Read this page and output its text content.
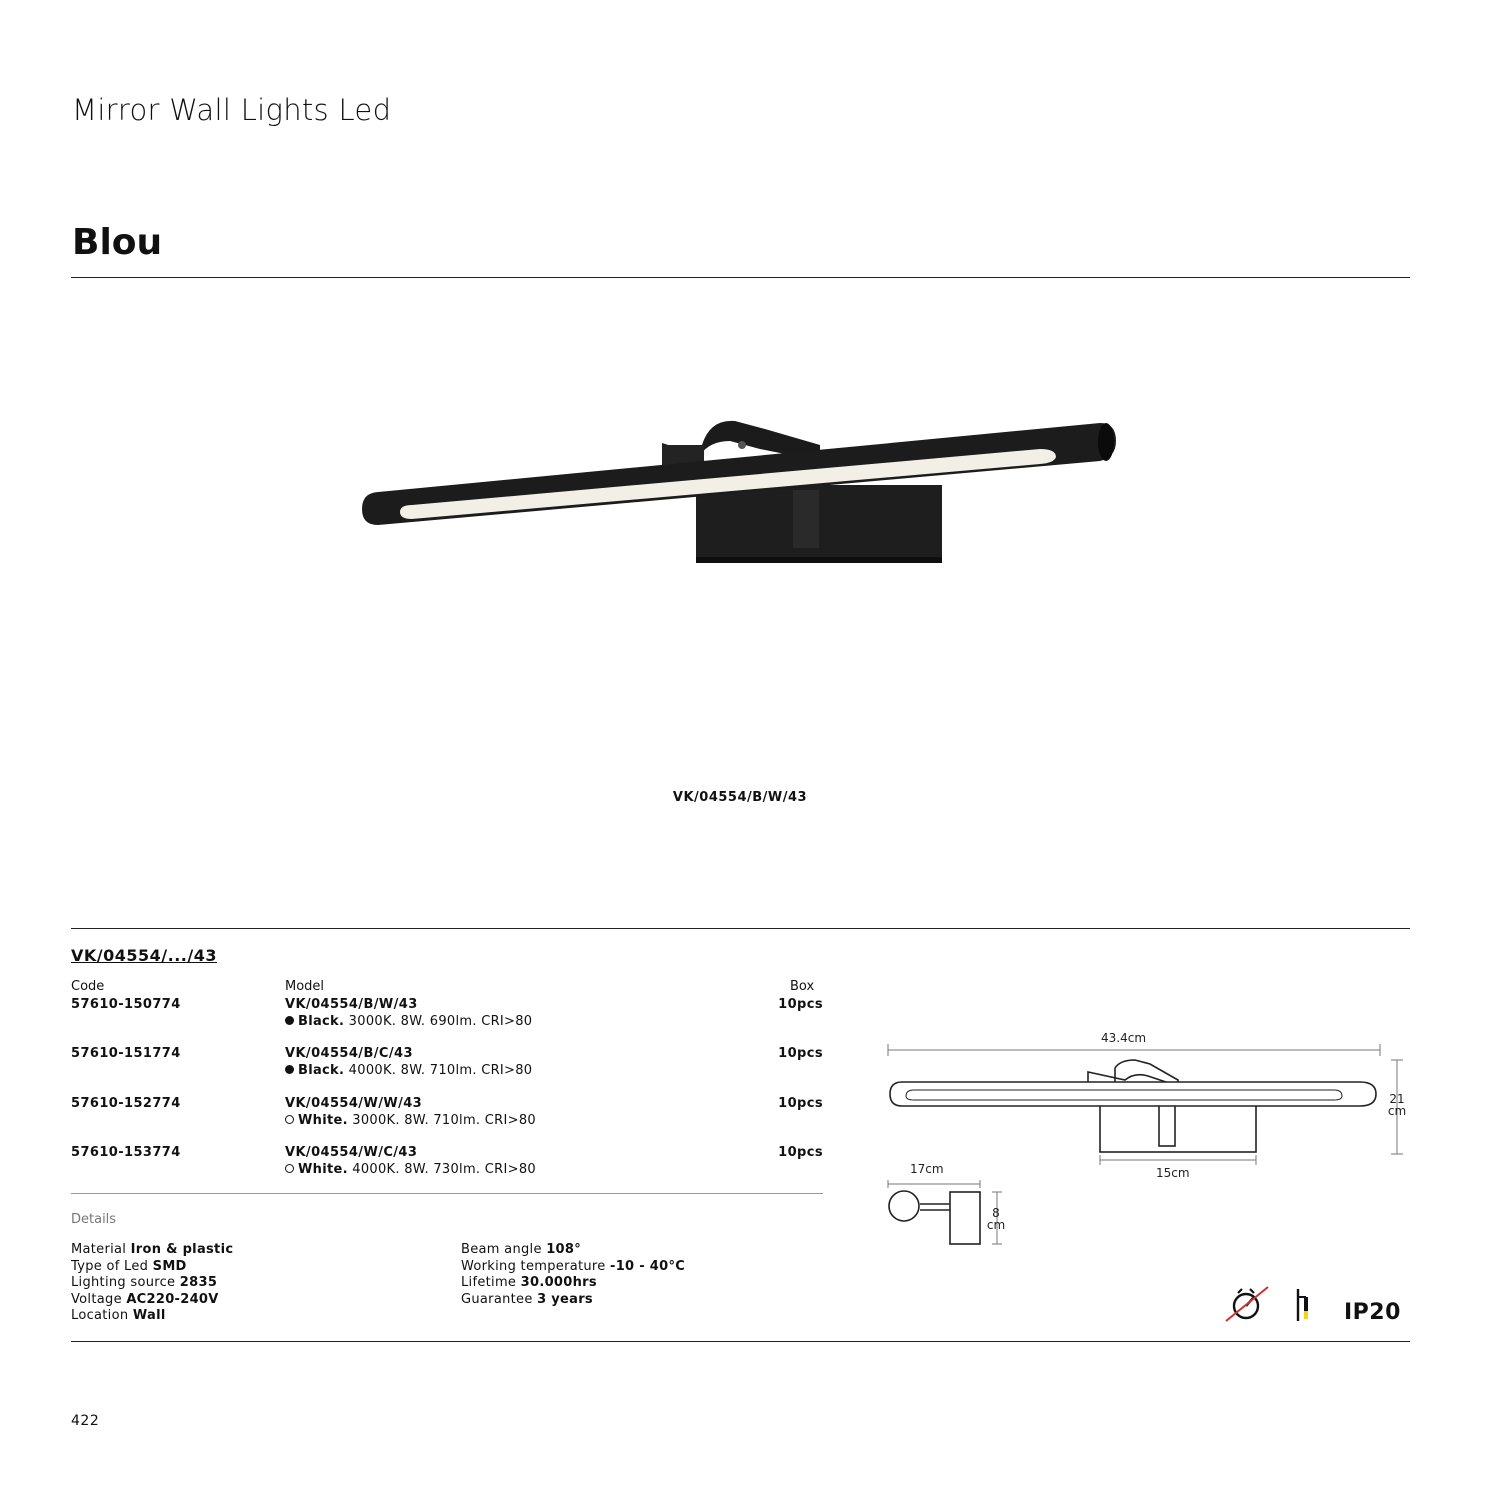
Mirror Wall Lights Led
Blou
VK/04554/B/W/43
VK/04554/.../43
Code	Model	Box
57610-150774	VK/04554/B/W/43
Black. 3000K. 8W. 690lm. CRI>80
10pcs
57610-151774	VK/04554/B/C/43
Black. 4000K. 8W. 710lm. CRI>80
10pcs
57610-152774	VK/04554/W/W/43
White. 3000K. 8W. 710lm. CRI>80
10pcs
57610-153774	VK/04554/W/C/43
White. 4000K. 8W. 730lm. CRI>80
10pcs
Details
Material Iron & plastic
Type of Led SMD
Lighting source 2835
Voltage AC220-240V
Location Wall
Beam angle 108°
Working temperature -10 - 40°C
Lifetime 30.000hrs
Guarantee 3 years
43.4cm
21
cm
15cm
17cm
8
cm
IP20
422
